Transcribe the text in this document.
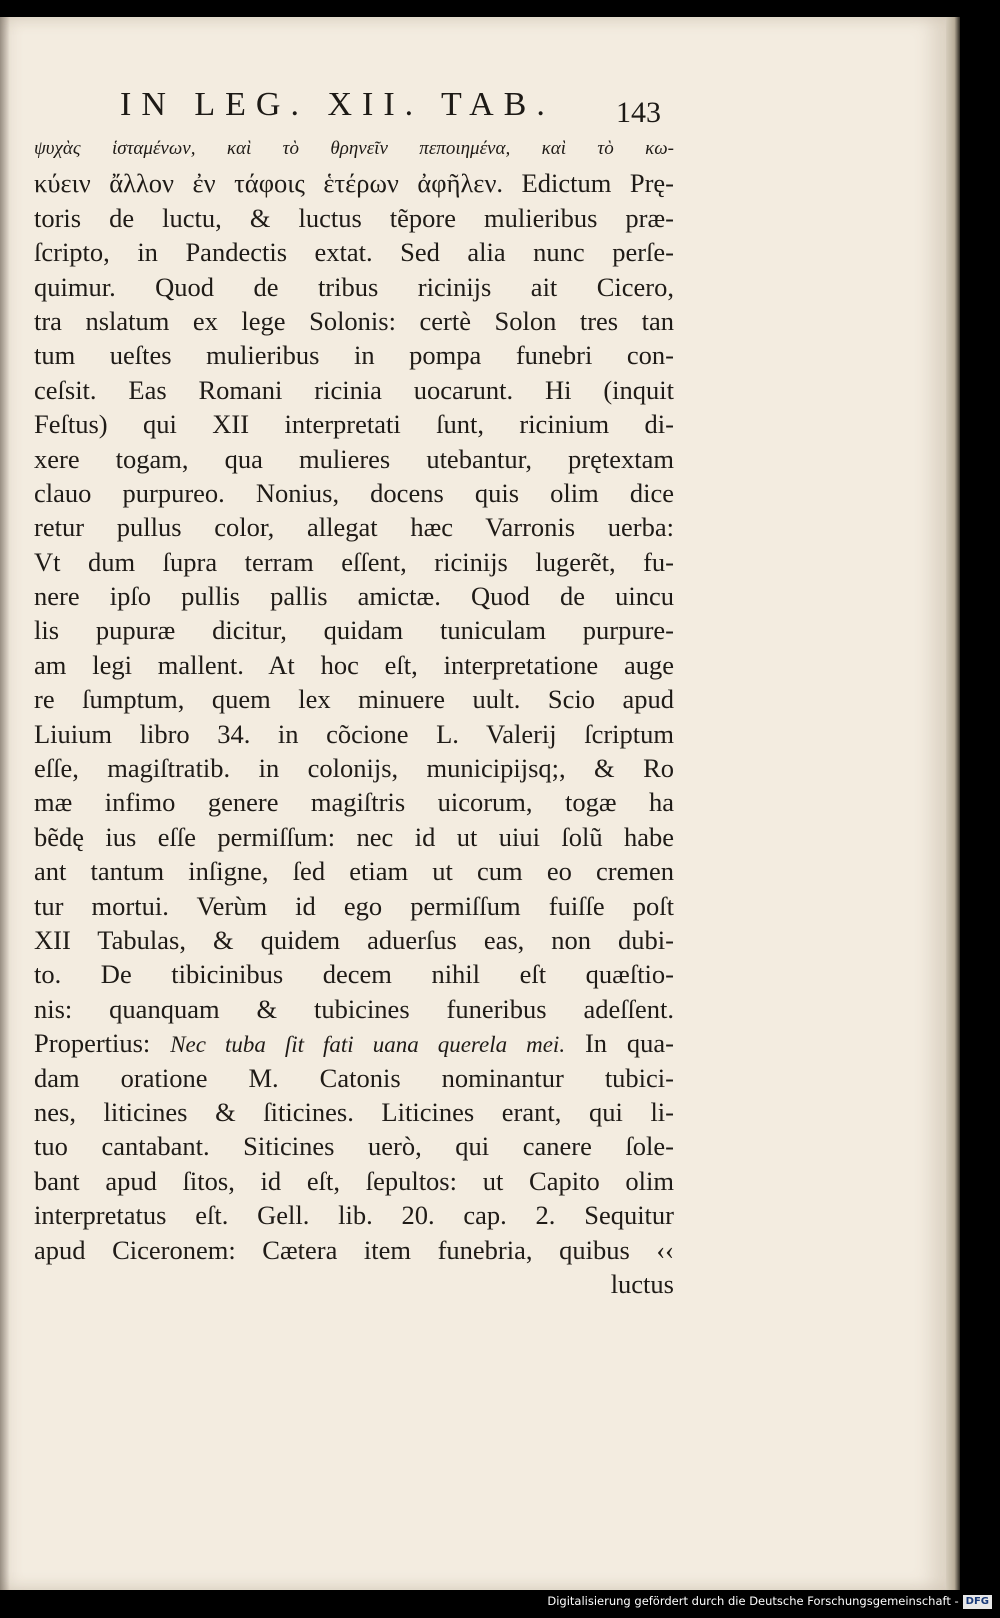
IN LEG. XII. TAB.	143
ψυχὰς ἱσταμένων, καὶ τὸ θρηνεῖν πεποιημένα, καὶ τὸ κω-
κύειν ἄλλον ἐν τάφοις ἑτέρων ἀφῆλεν. Edictum Prę-
toris de luctu, & luctus tẽpore mulieribus præ-
ſcripto, in Pandectis extat. Sed alia nunc perſe-
quimur. Quod de tribus ricinijs ait Cicero,
tra nslatum ex lege Solonis: certè Solon tres tan
tum ueſtes mulieribus in pompa funebri con-
ceſsit. Eas Romani ricinia uocarunt. Hi (inquit
Feſtus) qui XII interpretati ſunt, ricinium di-
xere togam, qua mulieres utebantur, prętextam
clauo purpureo. Nonius, docens quis olim dice
retur pullus color, allegat hæc Varronis uerba:
Vt dum ſupra terram eſſent, ricinijs lugerẽt, fu-
nere ipſo pullis pallis amictæ. Quod de uincu
lis pupuræ dicitur, quidam tuniculam purpure-
am legi mallent. At hoc eſt, interpretatione auge
re ſumptum, quem lex minuere uult. Scio apud
Liuium libro 34. in cõcione L. Valerij ſcriptum
eſſe, magiſtratib. in colonijs, municipijsq;, & Ro
mæ infimo genere magiſtris uicorum, togæ ha
bẽdę ius eſſe permiſſum: nec id ut uiui ſolũ habe
ant tantum inſigne, ſed etiam ut cum eo cremen
tur mortui. Verùm id ego permiſſum fuiſſe poſt
XII Tabulas, & quidem aduerſus eas, non dubi-
to. De tibicinibus decem nihil eſt quæſtio-
nis: quanquam & tubicines funeribus adeſſent.
Propertius: Nec tuba ſit fati uana querela mei. In qua-
dam oratione M. Catonis nominantur tubici-
nes, liticines & ſiticines. Liticines erant, qui li-
tuo cantabant. Siticines uerò, qui canere ſole-
bant apud ſitos, id eſt, ſepultos: ut Capito olim
interpretatus eſt. Gell. lib. 20. cap. 2. Sequitur
apud Ciceronem: Cætera item funebria, quibus ‹‹
luctus
Digitalisierung gefördert durch die Deutsche Forschungsgemeinschaft - DFG
